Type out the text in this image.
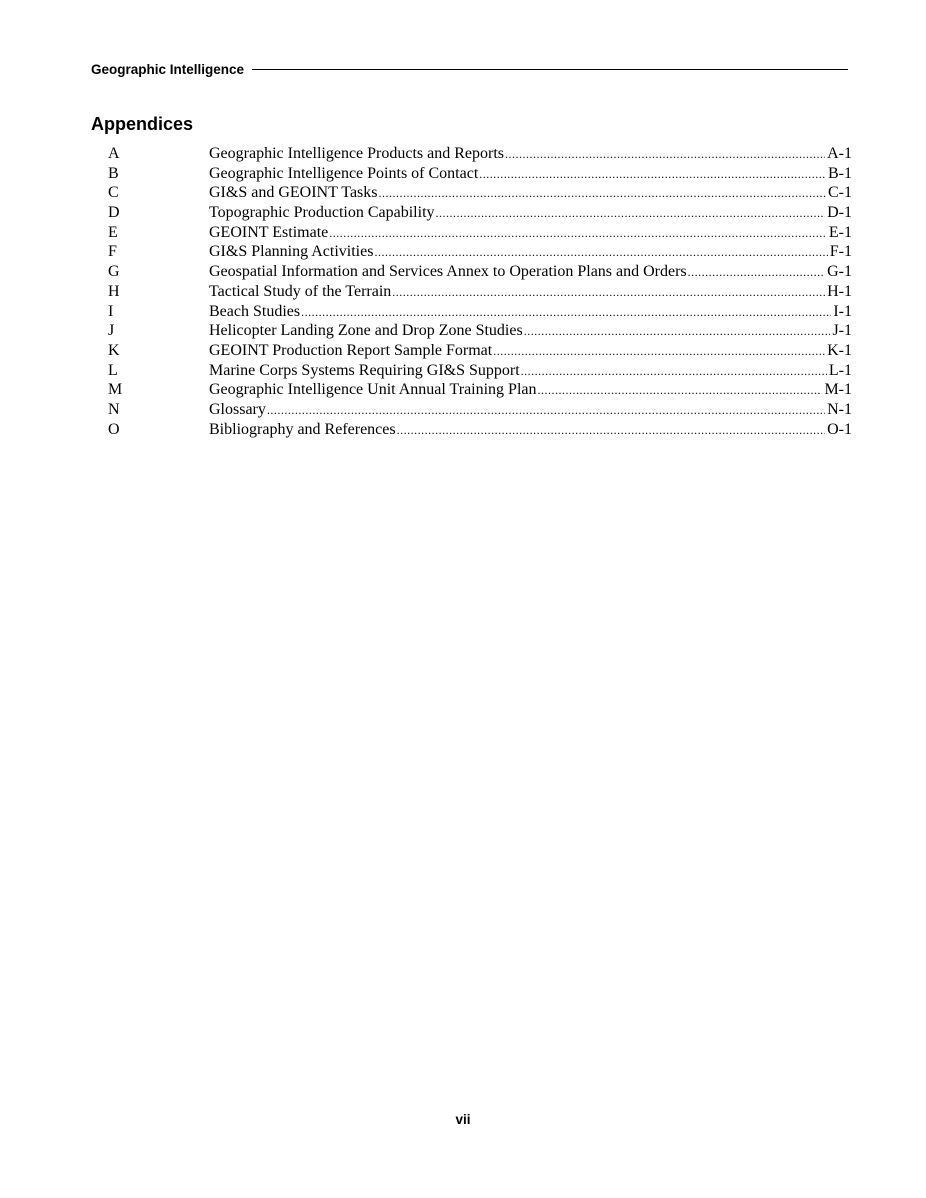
Geographic Intelligence
Appendices
A	Geographic Intelligence Products and Reports .....	A-1
B	Geographic Intelligence Points of Contact .....	B-1
C	GI&S and GEOINT Tasks .....	C-1
D	Topographic Production Capability .....	D-1
E	GEOINT Estimate .....	E-1
F	GI&S Planning Activities .....	F-1
G	Geospatial Information and Services Annex to Operation Plans and Orders .....	G-1
H	Tactical Study of the Terrain .....	H-1
I	Beach Studies .....	I-1
J	Helicopter Landing Zone and Drop Zone Studies .....	J-1
K	GEOINT Production Report Sample Format .....	K-1
L	Marine Corps Systems Requiring GI&S Support .....	L-1
M	Geographic Intelligence Unit Annual Training Plan .....	M-1
N	Glossary .....	N-1
O	Bibliography and References .....	O-1
vii
